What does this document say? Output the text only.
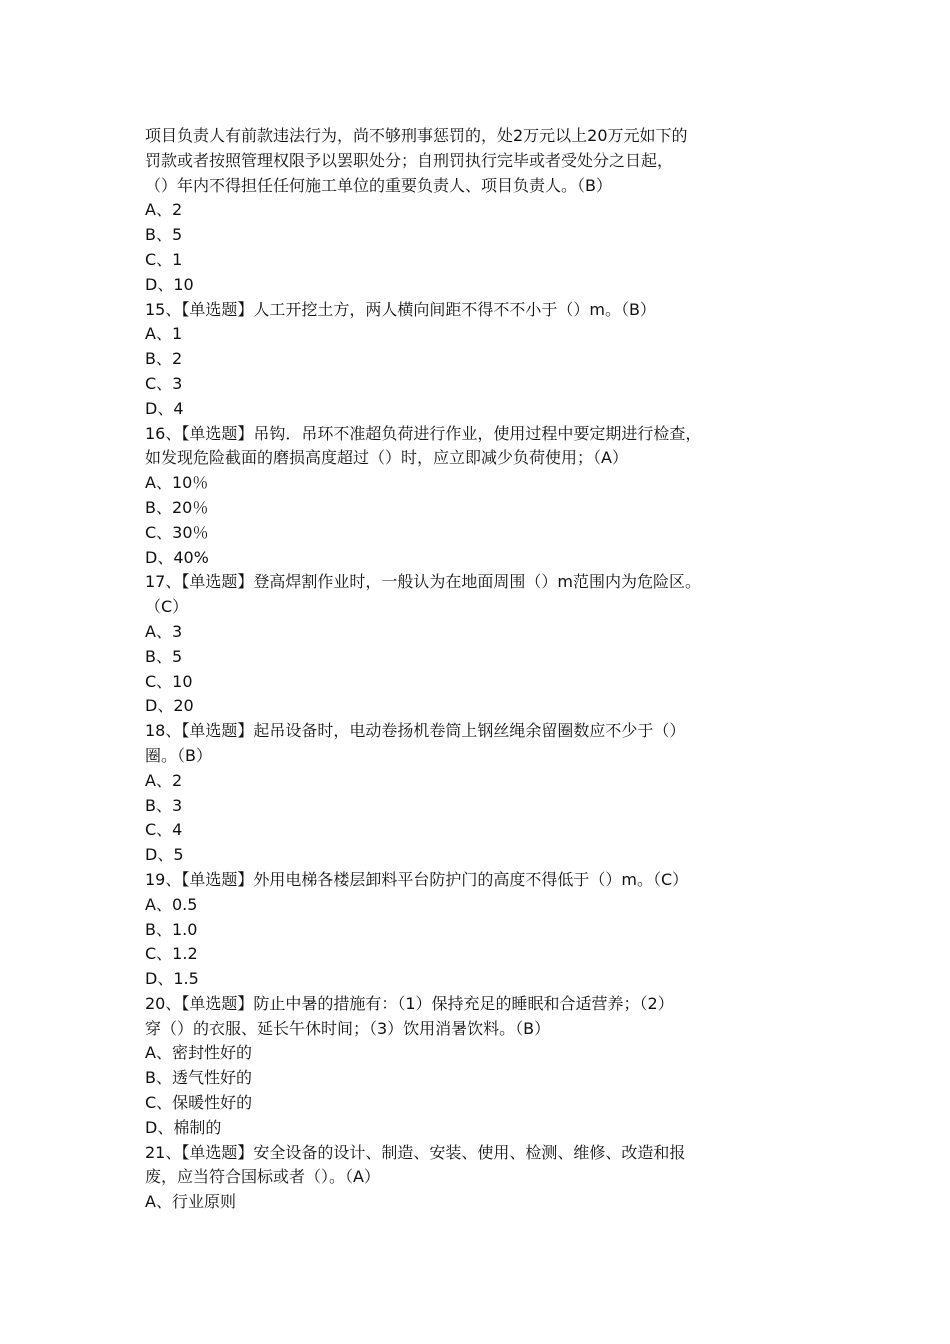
项目负责人有前款违法行为，尚不够刑事惩罚的，处2万元以上20万元如下的
罚款或者按照管理权限予以罢职处分；自刑罚执行完毕或者受处分之日起，
（）年内不得担任任何施工单位的重要负责人、项目负责人。（B）
A、2
B、5
C、1
D、10
15、【单选题】人工开挖土方，两人横向间距不得不不小于（）m。（B）
A、1
B、2
C、3
D、4
16、【单选题】吊钩．吊环不准超负荷进行作业，使用过程中要定期进行检查，
如发现危险截面的磨损高度超过（）时，应立即减少负荷使用；（A）
A、10％
B、20％
C、30％
D、40%
17、【单选题】登高焊割作业时，一般认为在地面周围（）m范围内为危险区。
（C）
A、3
B、5
C、10
D、20
18、【单选题】起吊设备时，电动卷扬机卷筒上钢丝绳余留圈数应不少于（）
圈。（B）
A、2
B、3
C、4
D、5
19、【单选题】外用电梯各楼层卸料平台防护门的高度不得低于（）m。（C）
A、0.5
B、1.0
C、1.2
D、1.5
20、【单选题】防止中暑的措施有：（1）保持充足的睡眠和合适营养；（2）
穿（）的衣服、延长午休时间；（3）饮用消暑饮料。（B）
A、密封性好的
B、透气性好的
C、保暖性好的
D、棉制的
21、【单选题】安全设备的设计、制造、安装、使用、检测、维修、改造和报
废，应当符合国标或者（）。（A）
A、行业原则
